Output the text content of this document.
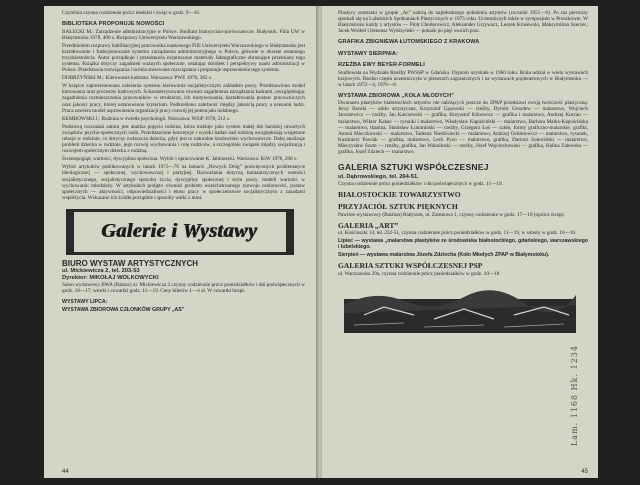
Czytelnia czynna codziennie prócz niedziel i świąt w godz. 9—16.

BIBLIOTEKA PROPONUJE NOWOŚCI

BAŁECKI M.: Zarządzenie administracyjne w Polsce. Studium historyczno-porównawcze. Białystok: Filia UW w Białymstoku 1978, 400 s. Rozprawy Uniwersytetu Warszawskiego.

Przedmiotem rozprawy habilitacyjnej pracownika naukowego Filii Uniwersytetu Warszawskiego w Białymstoku jest kształtowanie i funkcjonowanie systemu zarządzenia administracyjnego w Polsce, głównie w okresie ostatniego trzydziestolecia. Autor porządkuje i przedstawia rozproszone materiały faktograficzne obrazujące przemiany tego systemu. Książka dotyczy zagadnień ważnych społecznie, ustalając dorobek i perspektywy nauki administracji w Polsce. Przedstawia rozwiązania i ocenia stosowane rozwiązania i proponuje usprawnienia tego systemu.

DOBRZYŃSKI M.: Kierowanie kadrami. Warszawa: PWE 1978, 382 s.

W książce zaprezentowano założenia systemu kierowania socjalistycznym zakładem pracy. Przedstawiono model kierowania oraz procesów kadrowych. Scharakteryzowano również zagadnienia zarządzania kadrami, uwzględniając zagadnienia rozmieszczenia pracowników w strukturze, ich motywowania, kształtowania postaw pracowniczych oraz jakości pracy, której ustanowiono kryterium. Podkreślono zależność między jakością pracy a ocenami ludzi. Praca zawiera model usprawnienia organizacji pracy rozwój jej potencjału ludzkiego.

KEMBOWSKI J.: Rodzina w świetle psychologii. Warszawa: WSiP 1978, 212 s.

Podstawą rozważań autora jest analiza pojęcia rodzina, która traktuje jako system małej lub bardziej otwartych związków psycho-społecznych osób. Przedstawione koncepcje i wyniki badań nad rodziną uwzględniają wzajemne relacje w rodzinie, co dotyczy zwłaszcza dziecka, gdyż jest to naturalne środowisko wychowawcze. Dalej analizuje problem dziecka w rodzinie, jego rozwój wychowania i rolę rodziców, a szczególnie związek między socjalizacją i rozwojem społecznym dziecka z rodziną.

Światopogląd, wartości, dyscyplina społeczna. Wybór i opracowanie K. Jabłonecki. Warszawa: KiW 1978, 290 s.

Wybór artykułów publikowanych w latach 1973—76 na łamach „Nowych Dróg” poświęconych problematyce ideologicznej — społecznej, wychowawczej i partyjnej. Rozważania dotyczą humanistycznych wartości socjalistycznego, socjalistycznego sposobu życia, dyscypliny społecznej i stylu pracy, modeli wartości w wychowaniu młodzieży. W artykułach podjęto również problem wszechstronnego rozwoju osobowości, postaw społecznych — aktywności, odpowiedzialności i etosu pracy w społeczeństwie socjalistycznym z zasadami współżycia. Wskazano ich źródła porządnie i sposoby walki z nimi.

Galerie i Wystawy

BIURO WYSTAW ARTYSTYCZNYCH

ul. Mickiewicza 2, tel. 203-53

Dyrektor: MIKOŁAJ WOLKOWYCKI

Salon wystawowy BWA (Ratusz) ul. Mickiewicza 2 czynny codziennie prócz poniedziałków i dni poświątecznych w godz. 10—17; wtorki i czwartki godz. 11—19. Ceny biletów 1—4 zł. W czwartki bezpł.

WYSTAWY LIPCA:

WYSTAWA ZBIOROWA CZŁONKÓW GRUPY „AS”

44

Plastycy zrzeszeni w grupie „As” należą do najmłodszego pokolenia artystów (roczniki 1951—6). Po raz pierwszy spotkali się na Lubelskich Spotkaniach Plastycznych w 1975 roku. Uczestniczyli także w sympozjum w Pruszkowie. W Białymstoku każdy z artystów — Piotr Chodorowicz, Aleksander Grzywacz, Leszek Krusewski, Maksymilian Szerzec, Jacek Wróbel i Ireneusz Wydrzyński — pokaże po pięć swoich prac.

GRAFIKA ZBIGNIEWA ŁUTOMSKIEGO Z KRAKOWA

WYSTAWY SIERPNIA:

RZEŹBA EWY BEYER-FORMELI

Studiowała na Wydziale Rzeźby PWSSP w Gdańsku. Dyplom uzyskała w 1960 roku. Brała udział w wielu wystawach krajowych. Bardzo często uczestniczyła w plenerach zagranicznych i na wystawach poplenerowych w Białymstoku — w latach 1972—4, 1976—8.

WYSTAWA ZBIOROWA „KOŁA MŁODYCH”

Dwunastu plastyków białostockich artystów nie należących jeszcze do ZPAP przedstawi swoją twórczość plastyczną: Jerzy Becela — szkło artystyczne, Krzysztof Gąsowski — rzeźby, Dymitr Grozdew — malarstwo, Wojciech Jaroszewicz — rzeźby, Jan Karczewski — grafika, Krzysztof Klinowicz — grafika i malarstwo, Andrzej Korcan — malarstwo, Wiktor Kabac — rysunki i malarstwo, Władysław Kapuściński — malarstwo, Barbara Marks-Kapuścińska — malarstwo, tkanina, Stanisław Łutomiński — rzeźby, Grzegorz Łoś — szkło, formy graficzno-malarskie, grafiki, Antoni Mieczkowski — malarstwo, Tadeusz Niedźwiecki — malarstwo, Andrzej Ochimowicz — malarstwo, rysunek, Kazimierz Pawlak — grafika, malarstwo, Lech Pyzo — malarstwo, grafika, Dariusz Sobociński — malarstwo, Mieczysław Szum — rzeźby, grafika, Jan Wakulinski — rzeźby, Józef Wojciechowski — grafika, Halina Zalewska — grafika, Józef Zdziech — malarstwo.

GALERIA SZTUKI WSPÓŁCZESNEJ

ul. Dąbrowskiego, tel. 264-51.

Czynna codziennie prócz poniedziałków i dni poświątecznych w godz. 11—19.

BIAŁOSTOCKIE TOWARZYSTWO

PRZYJACIÓŁ SZTUK PIĘKNYCH

Pawilon wystawowy (Bastion) Białystok, ul. Zamkowa 1, czynny codziennie w godz. 17—19 (oprócz świąt).

GALERIA „ART”

ul. Kościuszki 14, tel. 232-51, czynna codziennie prócz poniedziałków w godz. 11—19, w soboty w godz. 10—16.

Lipiec — wystawa „malarstwa plastyków ze środowiska białostockiego, gdańskiego, warszawskiego i lubelskiego.

Sierpień — wystawa malarstwa Józefa Zdziecha (Koło Młodych ZPAP w Białymstoku).

GALERIA SZTUKI WSPÓŁCZESNEJ PSP

ul. Warszawska 29a, czynna codziennie prócz poniedziałków w godz. 10—18

Lam. 1168 Hk. 1234
45
